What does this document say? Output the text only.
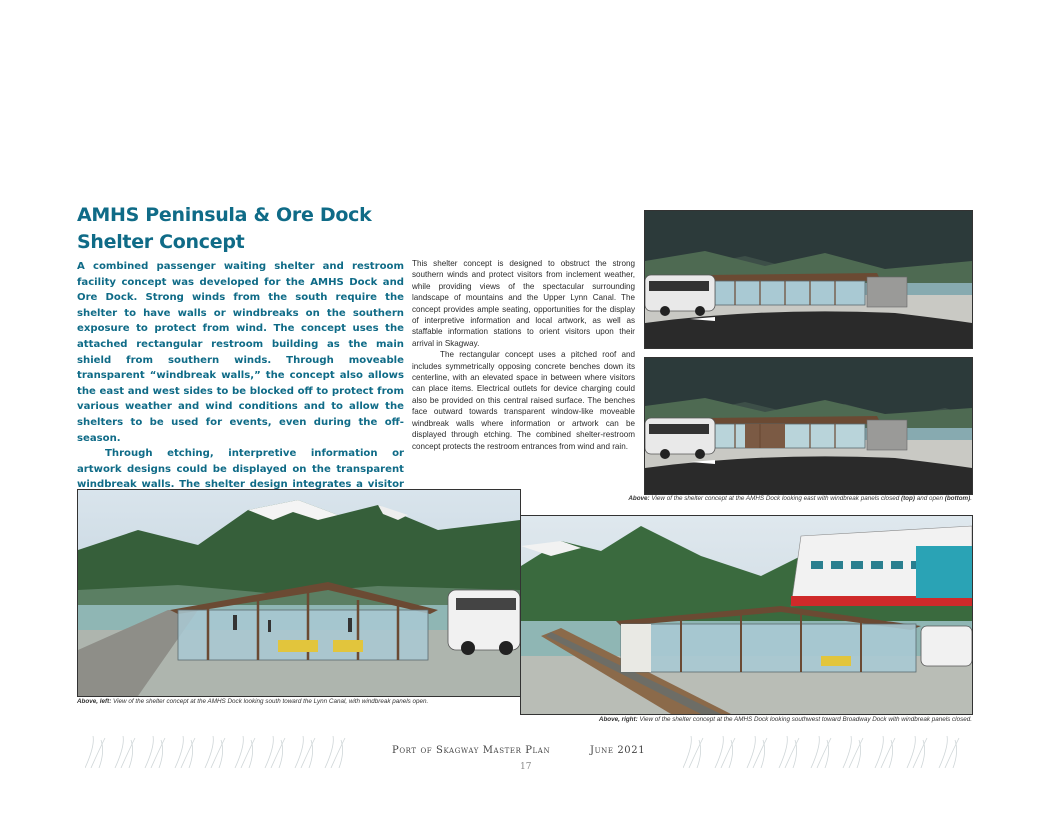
AMHS Peninsula & Ore Dock
Shelter Concept

A combined passenger waiting shelter and restroom facility concept was developed for the AMHS Dock and Ore Dock. Strong winds from the south require the shelter to have walls or windbreaks on the southern exposure to protect from wind. The concept uses the attached rectangular restroom building as the main shield from southern winds. Through moveable transparent “windbreak walls,” the concept also allows the east and west sides to be blocked off to protect from various weather and wind conditions and to allow the shelters to be used for events, even during the off-season.

Through etching, interpretive information or artwork designs could be displayed on the transparent windbreak walls. The shelter design integrates a visitor

This shelter concept is designed to obstruct the strong southern winds and protect visitors from inclement weather, while providing views of the spectacular surrounding landscape of mountains and the Upper Lynn Canal. The concept provides ample seating, opportunities for the display of interpretive information and local artwork, as well as staffable information stations to orient visitors upon their arrival in Skagway.

The rectangular concept uses a pitched roof and includes symmetrically opposing concrete benches down its centerline, with an elevated space in between where visitors can place items. Electrical outlets for device charging could also be provided on this central raised surface. The benches face outward towards transparent window-like moveable windbreak walls where information or artwork can be displayed through etching. The combined shelter-restroom concept protects the restroom entrances from wind and rain.

Above: View of the shelter concept at the AMHS Dock looking east with windbreak panels closed (top) and open (bottom).
Above, left: View of the shelter concept at the AMHS Dock looking south toward the Lynn Canal, with windbreak panels open.
Above, right: View of the shelter concept at the AMHS Dock looking southwest toward Broadway Dock with windbreak panels closed.
Port of Skagway Master Plan	June 2021
17
